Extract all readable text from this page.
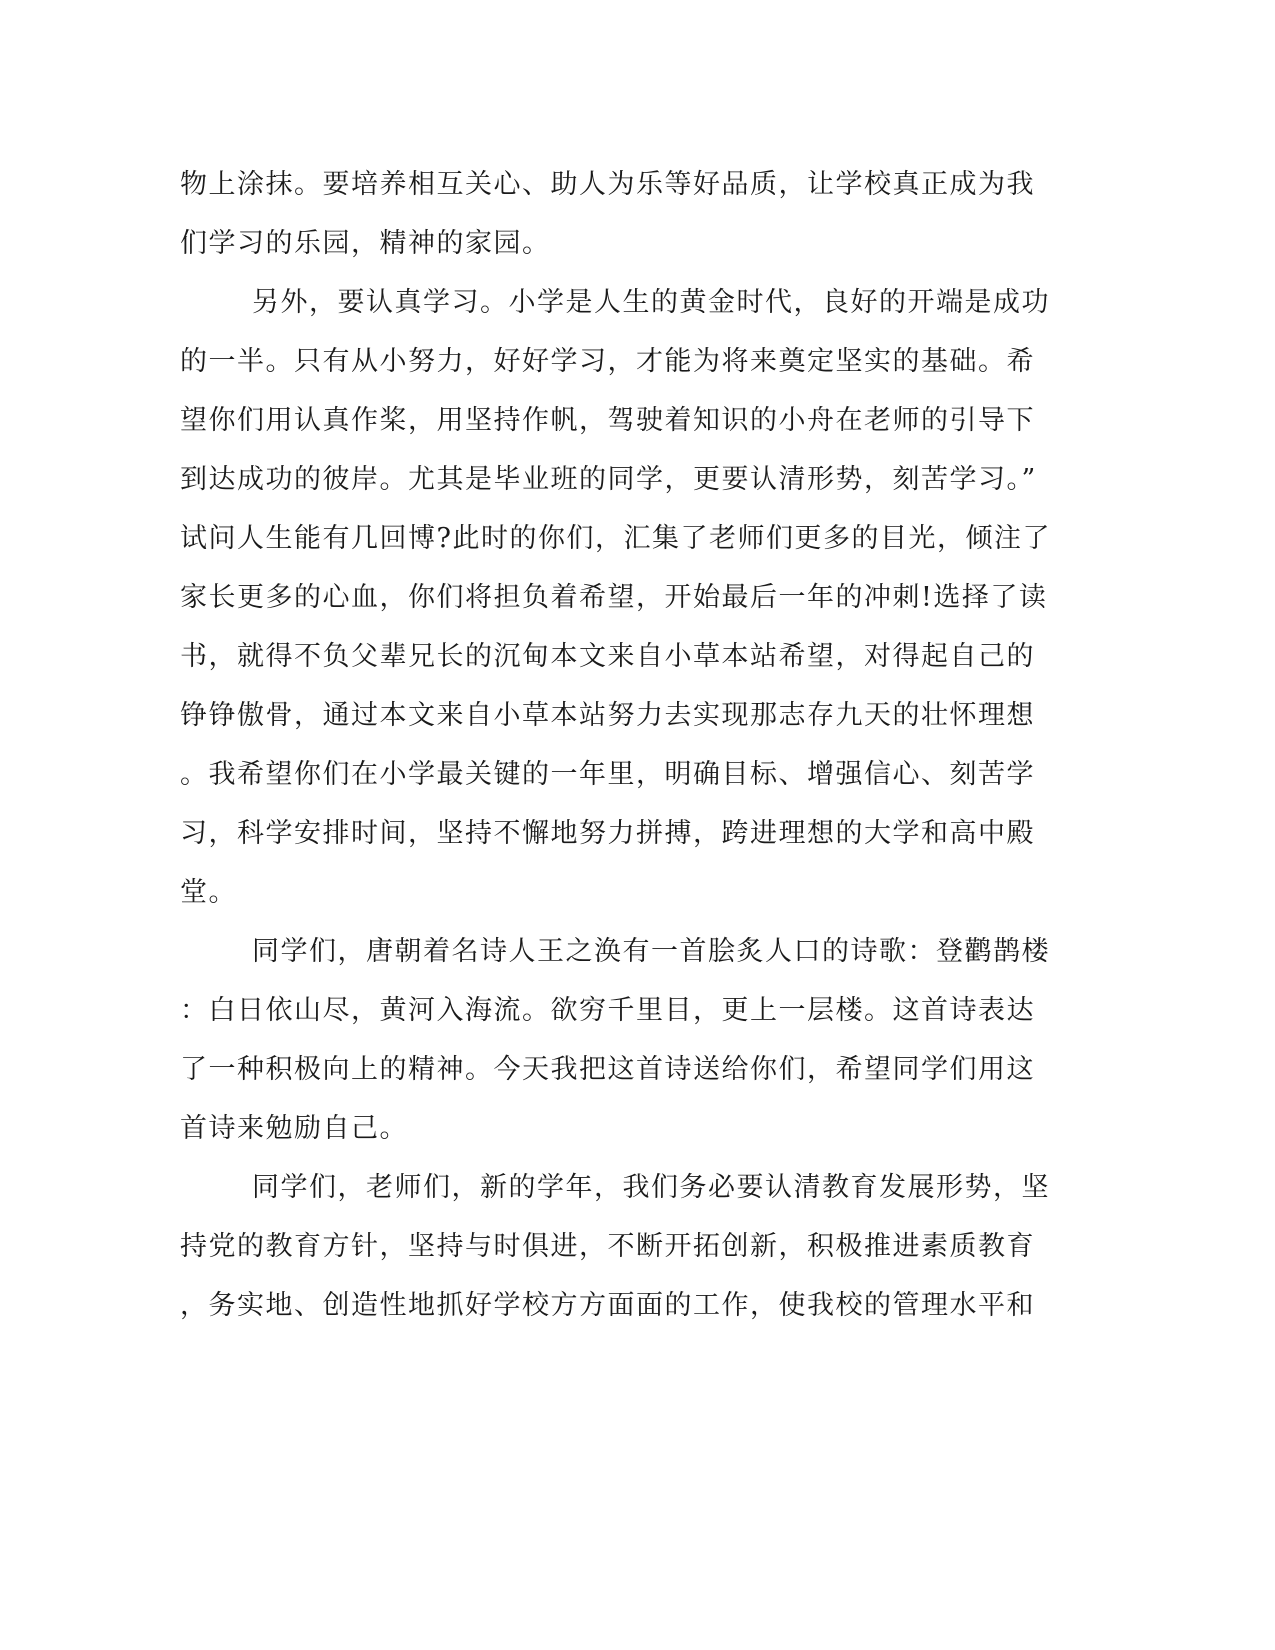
物上涂抹。要培养相互关心、助人为乐等好品质，让学校真正成为我
们学习的乐园，精神的家园。
另外，要认真学习。小学是人生的黄金时代，良好的开端是成功
的一半。只有从小努力，好好学习，才能为将来奠定坚实的基础。希
望你们用认真作桨，用坚持作帆，驾驶着知识的小舟在老师的引导下
到达成功的彼岸。尤其是毕业班的同学，更要认清形势，刻苦学习。”
试问人生能有几回博?此时的你们，汇集了老师们更多的目光，倾注了
家长更多的心血，你们将担负着希望，开始最后一年的冲刺!选择了读
书，就得不负父辈兄长的沉甸本文来自小草本站希望，对得起自己的
铮铮傲骨，通过本文来自小草本站努力去实现那志存九天的壮怀理想
。我希望你们在小学最关键的一年里，明确目标、增强信心、刻苦学
习，科学安排时间，坚持不懈地努力拼搏，跨进理想的大学和高中殿
堂。
同学们，唐朝着名诗人王之涣有一首脍炙人口的诗歌：登鹳鹊楼
：白日依山尽，黄河入海流。欲穷千里目，更上一层楼。这首诗表达
了一种积极向上的精神。今天我把这首诗送给你们，希望同学们用这
首诗来勉励自己。
同学们，老师们，新的学年，我们务必要认清教育发展形势，坚
持党的教育方针，坚持与时俱进，不断开拓创新，积极推进素质教育
，务实地、创造性地抓好学校方方面面的工作，使我校的管理水平和
